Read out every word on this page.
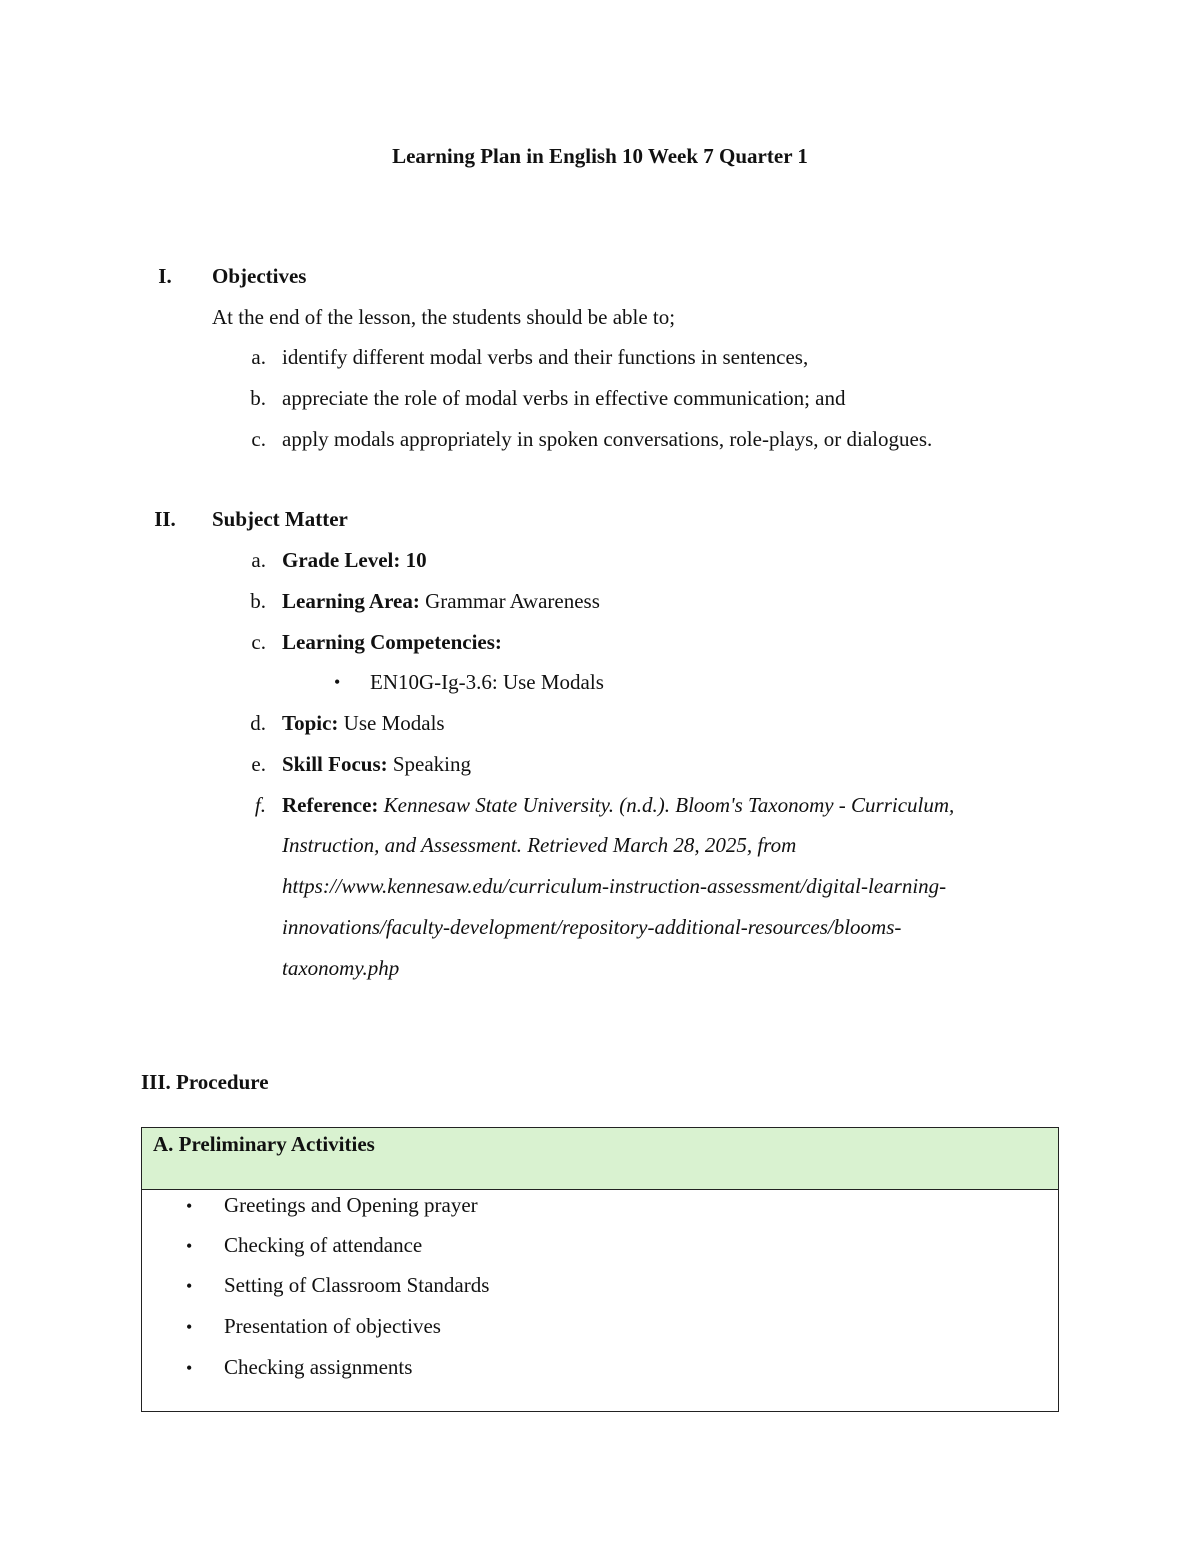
Learning Plan in English 10 Week 7 Quarter 1
I.	Objectives
At the end of the lesson, the students should be able to;
a. identify different modal verbs and their functions in sentences,
b. appreciate the role of modal verbs in effective communication; and
c. apply modals appropriately in spoken conversations, role-plays, or dialogues.
II. Subject Matter
a. Grade Level: 10
b. Learning Area: Grammar Awareness
c. Learning Competencies:
• EN10G-Ig-3.6: Use Modals
d. Topic: Use Modals
e. Skill Focus: Speaking
f. Reference: Kennesaw State University. (n.d.). Bloom's Taxonomy - Curriculum,
Instruction, and Assessment. Retrieved March 28, 2025, from
https://www.kennesaw.edu/curriculum-instruction-assessment/digital-learning-
innovations/faculty-development/repository-additional-resources/blooms-
taxonomy.php
III. Procedure
A. Preliminary Activities
• Greetings and Opening prayer
• Checking of attendance
• Setting of Classroom Standards
• Presentation of objectives
• Checking assignments
